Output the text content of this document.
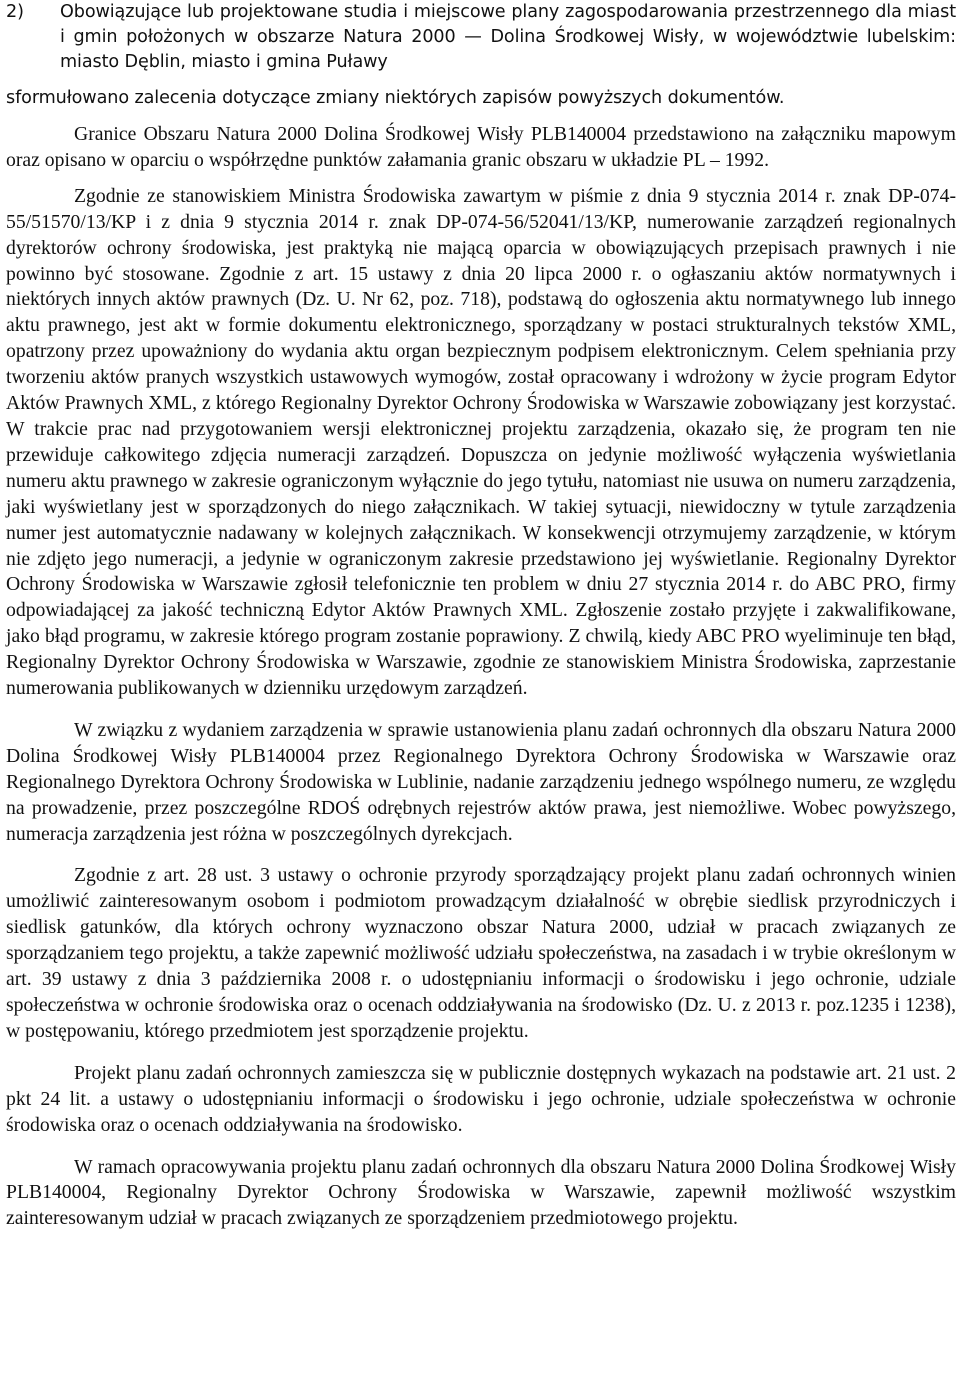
2) Obowiązujące lub projektowane studia i miejscowe plany zagospodarowania przestrzennego dla miast i gmin położonych w obszarze Natura 2000 — Dolina Środkowej Wisły, w województwie lubelskim: miasto Dęblin, miasto i gmina Puławy
sformułowano zalecenia dotyczące zmiany niektórych zapisów powyższych dokumentów.

Granice Obszaru Natura 2000 Dolina Środkowej Wisły PLB140004 przedstawiono na załączniku mapowym oraz opisano w oparciu o współrzędne punktów załamania granic obszaru w układzie PL – 1992.

Zgodnie ze stanowiskiem Ministra Środowiska zawartym w piśmie z dnia 9 stycznia 2014 r. znak DP-074-55/51570/13/KP i z dnia 9 stycznia 2014 r. znak DP-074-56/52041/13/KP, numerowanie zarządzeń regionalnych dyrektorów ochrony środowiska, jest praktyką nie mającą oparcia w obowiązujących przepisach prawnych i nie powinno być stosowane. Zgodnie z art. 15 ustawy z dnia 20 lipca 2000 r. o ogłaszaniu aktów normatywnych i niektórych innych aktów prawnych (Dz. U. Nr 62, poz. 718), podstawą do ogłoszenia aktu normatywnego lub innego aktu prawnego, jest akt w formie dokumentu elektronicznego, sporządzany w postaci strukturalnych tekstów XML, opatrzony przez upoważniony do wydania aktu organ bezpiecznym podpisem elektronicznym. Celem spełniania przy tworzeniu aktów pranych wszystkich ustawowych wymogów, został opracowany i wdrożony w życie program Edytor Aktów Prawnych XML, z którego Regionalny Dyrektor Ochrony Środowiska w Warszawie zobowiązany jest korzystać. W trakcie prac nad przygotowaniem wersji elektronicznej projektu zarządzenia, okazało się, że program ten nie przewiduje całkowitego zdjęcia numeracji zarządzeń. Dopuszcza on jedynie możliwość wyłączenia wyświetlania numeru aktu prawnego w zakresie ograniczonym wyłącznie do jego tytułu, natomiast nie usuwa on numeru zarządzenia, jaki wyświetlany jest w sporządzonych do niego załącznikach. W takiej sytuacji, niewidoczny w tytule zarządzenia numer jest automatycznie nadawany w kolejnych załącznikach. W konsekwencji otrzymujemy zarządzenie, w którym nie zdjęto jego numeracji, a jedynie w ograniczonym zakresie przedstawiono jej wyświetlanie. Regionalny Dyrektor Ochrony Środowiska w Warszawie zgłosił telefonicznie ten problem w dniu 27 stycznia 2014 r. do ABC PRO, firmy odpowiadającej za jakość techniczną Edytor Aktów Prawnych XML. Zgłoszenie zostało przyjęte i zakwalifikowane, jako błąd programu, w zakresie którego program zostanie poprawiony. Z chwilą, kiedy ABC PRO wyeliminuje ten błąd, Regionalny Dyrektor Ochrony Środowiska w Warszawie, zgodnie ze stanowiskiem Ministra Środowiska, zaprzestanie numerowania publikowanych w dzienniku urzędowym zarządzeń.

W związku z wydaniem zarządzenia w sprawie ustanowienia planu zadań ochronnych dla obszaru Natura 2000 Dolina Środkowej Wisły PLB140004 przez Regionalnego Dyrektora Ochrony Środowiska w Warszawie oraz Regionalnego Dyrektora Ochrony Środowiska w Lublinie, nadanie zarządzeniu jednego wspólnego numeru, ze względu na prowadzenie, przez poszczególne RDOŚ odrębnych rejestrów aktów prawa, jest niemożliwe. Wobec powyższego, numeracja zarządzenia jest różna w poszczególnych dyrekcjach.

Zgodnie z art. 28 ust. 3 ustawy o ochronie przyrody sporządzający projekt planu zadań ochronnych winien umożliwić zainteresowanym osobom i podmiotom prowadzącym działalność w obrębie siedlisk przyrodniczych i siedlisk gatunków, dla których ochrony wyznaczono obszar Natura 2000, udział w pracach związanych ze sporządzaniem tego projektu, a także zapewnić możliwość udziału społeczeństwa, na zasadach i w trybie określonym w art. 39 ustawy z dnia 3 października 2008 r. o udostępnianiu informacji o środowisku i jego ochronie, udziale społeczeństwa w ochronie środowiska oraz o ocenach oddziaływania na środowisko (Dz. U. z 2013 r. poz.1235 i 1238), w postępowaniu, którego przedmiotem jest sporządzenie projektu.

Projekt planu zadań ochronnych zamieszcza się w publicznie dostępnych wykazach na podstawie art. 21 ust. 2 pkt 24 lit. a ustawy o udostępnianiu informacji o środowisku i jego ochronie, udziale społeczeństwa w ochronie środowiska oraz o ocenach oddziaływania na środowisko.

W ramach opracowywania projektu planu zadań ochronnych dla obszaru Natura 2000 Dolina Środkowej Wisły PLB140004, Regionalny Dyrektor Ochrony Środowiska w Warszawie, zapewnił możliwość wszystkim zainteresowanym udział w pracach związanych ze sporządzeniem przedmiotowego projektu.
